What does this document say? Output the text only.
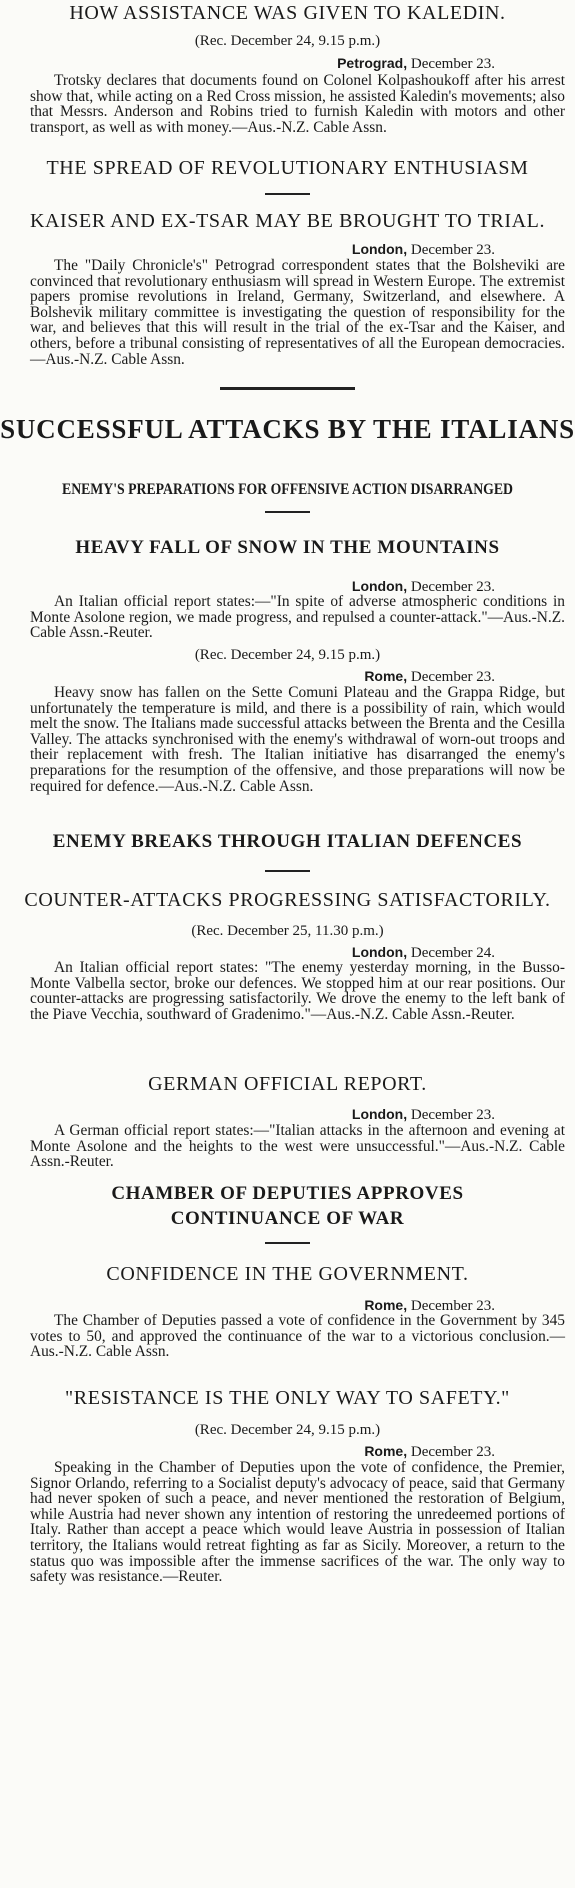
HOW ASSISTANCE WAS GIVEN TO KALEDIN.
(Rec. December 24, 9.15 p.m.)
Petrograd, December 23.

Trotsky declares that documents found on Colonel Kolpashoukoff after his arrest show that, while acting on a Red Cross mission, he assisted Kaledin's movements; also that Messrs. Anderson and Robins tried to furnish Kaledin with motors and other transport, as well as with money.—Aus.-N.Z. Cable Assn.

THE SPREAD OF REVOLUTIONARY ENTHUSIASM
KAISER AND EX-TSAR MAY BE BROUGHT TO TRIAL.
London, December 23.

The "Daily Chronicle's" Petrograd correspondent states that the Bolsheviki are convinced that revolutionary enthusiasm will spread in Western Europe. The extremist papers promise revolutions in Ireland, Germany, Switzerland, and elsewhere. A Bolshevik military committee is investigating the question of responsibility for the war, and believes that this will result in the trial of the ex-Tsar and the Kaiser, and others, before a tribunal consisting of representatives of all the European democracies.—Aus.-N.Z. Cable Assn.

SUCCESSFUL ATTACKS BY THE ITALIANS
ENEMY'S PREPARATIONS FOR OFFENSIVE ACTION DISARRANGED
HEAVY FALL OF SNOW IN THE MOUNTAINS
London, December 23.

An Italian official report states:—"In spite of adverse atmospheric conditions in Monte Asolone region, we made progress, and repulsed a counter-attack."—Aus.-N.Z. Cable Assn.-Reuter.

(Rec. December 24, 9.15 p.m.)
Rome, December 23.

Heavy snow has fallen on the Sette Comuni Plateau and the Grappa Ridge, but unfortunately the temperature is mild, and there is a possibility of rain, which would melt the snow. The Italians made successful attacks between the Brenta and the Cesilla Valley. The attacks synchronised with the enemy's withdrawal of worn-out troops and their replacement with fresh. The Italian initiative has disarranged the enemy's preparations for the resumption of the offensive, and those preparations will now be required for defence.—Aus.-N.Z. Cable Assn.

ENEMY BREAKS THROUGH ITALIAN DEFENCES
COUNTER-ATTACKS PROGRESSING SATISFACTORILY.
(Rec. December 25, 11.30 p.m.)
London, December 24.

An Italian official report states: "The enemy yesterday morning, in the Busso-Monte Valbella sector, broke our defences. We stopped him at our rear positions. Our counter-attacks are progressing satisfactorily. We drove the enemy to the left bank of the Piave Vecchia, southward of Gradenimo."—Aus.-N.Z. Cable Assn.-Reuter.

GERMAN OFFICIAL REPORT.
London, December 23.

A German official report states:—"Italian attacks in the afternoon and evening at Monte Asolone and the heights to the west were unsuccessful."—Aus.-N.Z. Cable Assn.-Reuter.

CHAMBER OF DEPUTIES APPROVES CONTINUANCE OF WAR
CONFIDENCE IN THE GOVERNMENT.
Rome, December 23.

The Chamber of Deputies passed a vote of confidence in the Government by 345 votes to 50, and approved the continuance of the war to a victorious conclusion.—Aus.-N.Z. Cable Assn.

"RESISTANCE IS THE ONLY WAY TO SAFETY."
(Rec. December 24, 9.15 p.m.)
Rome, December 23.

Speaking in the Chamber of Deputies upon the vote of confidence, the Premier, Signor Orlando, referring to a Socialist deputy's advocacy of peace, said that Germany had never spoken of such a peace, and never mentioned the restoration of Belgium, while Austria had never shown any intention of restoring the unredeemed portions of Italy. Rather than accept a peace which would leave Austria in possession of Italian territory, the Italians would retreat fighting as far as Sicily. Moreover, a return to the status quo was impossible after the immense sacrifices of the war. The only way to safety was resistance.—Reuter.
